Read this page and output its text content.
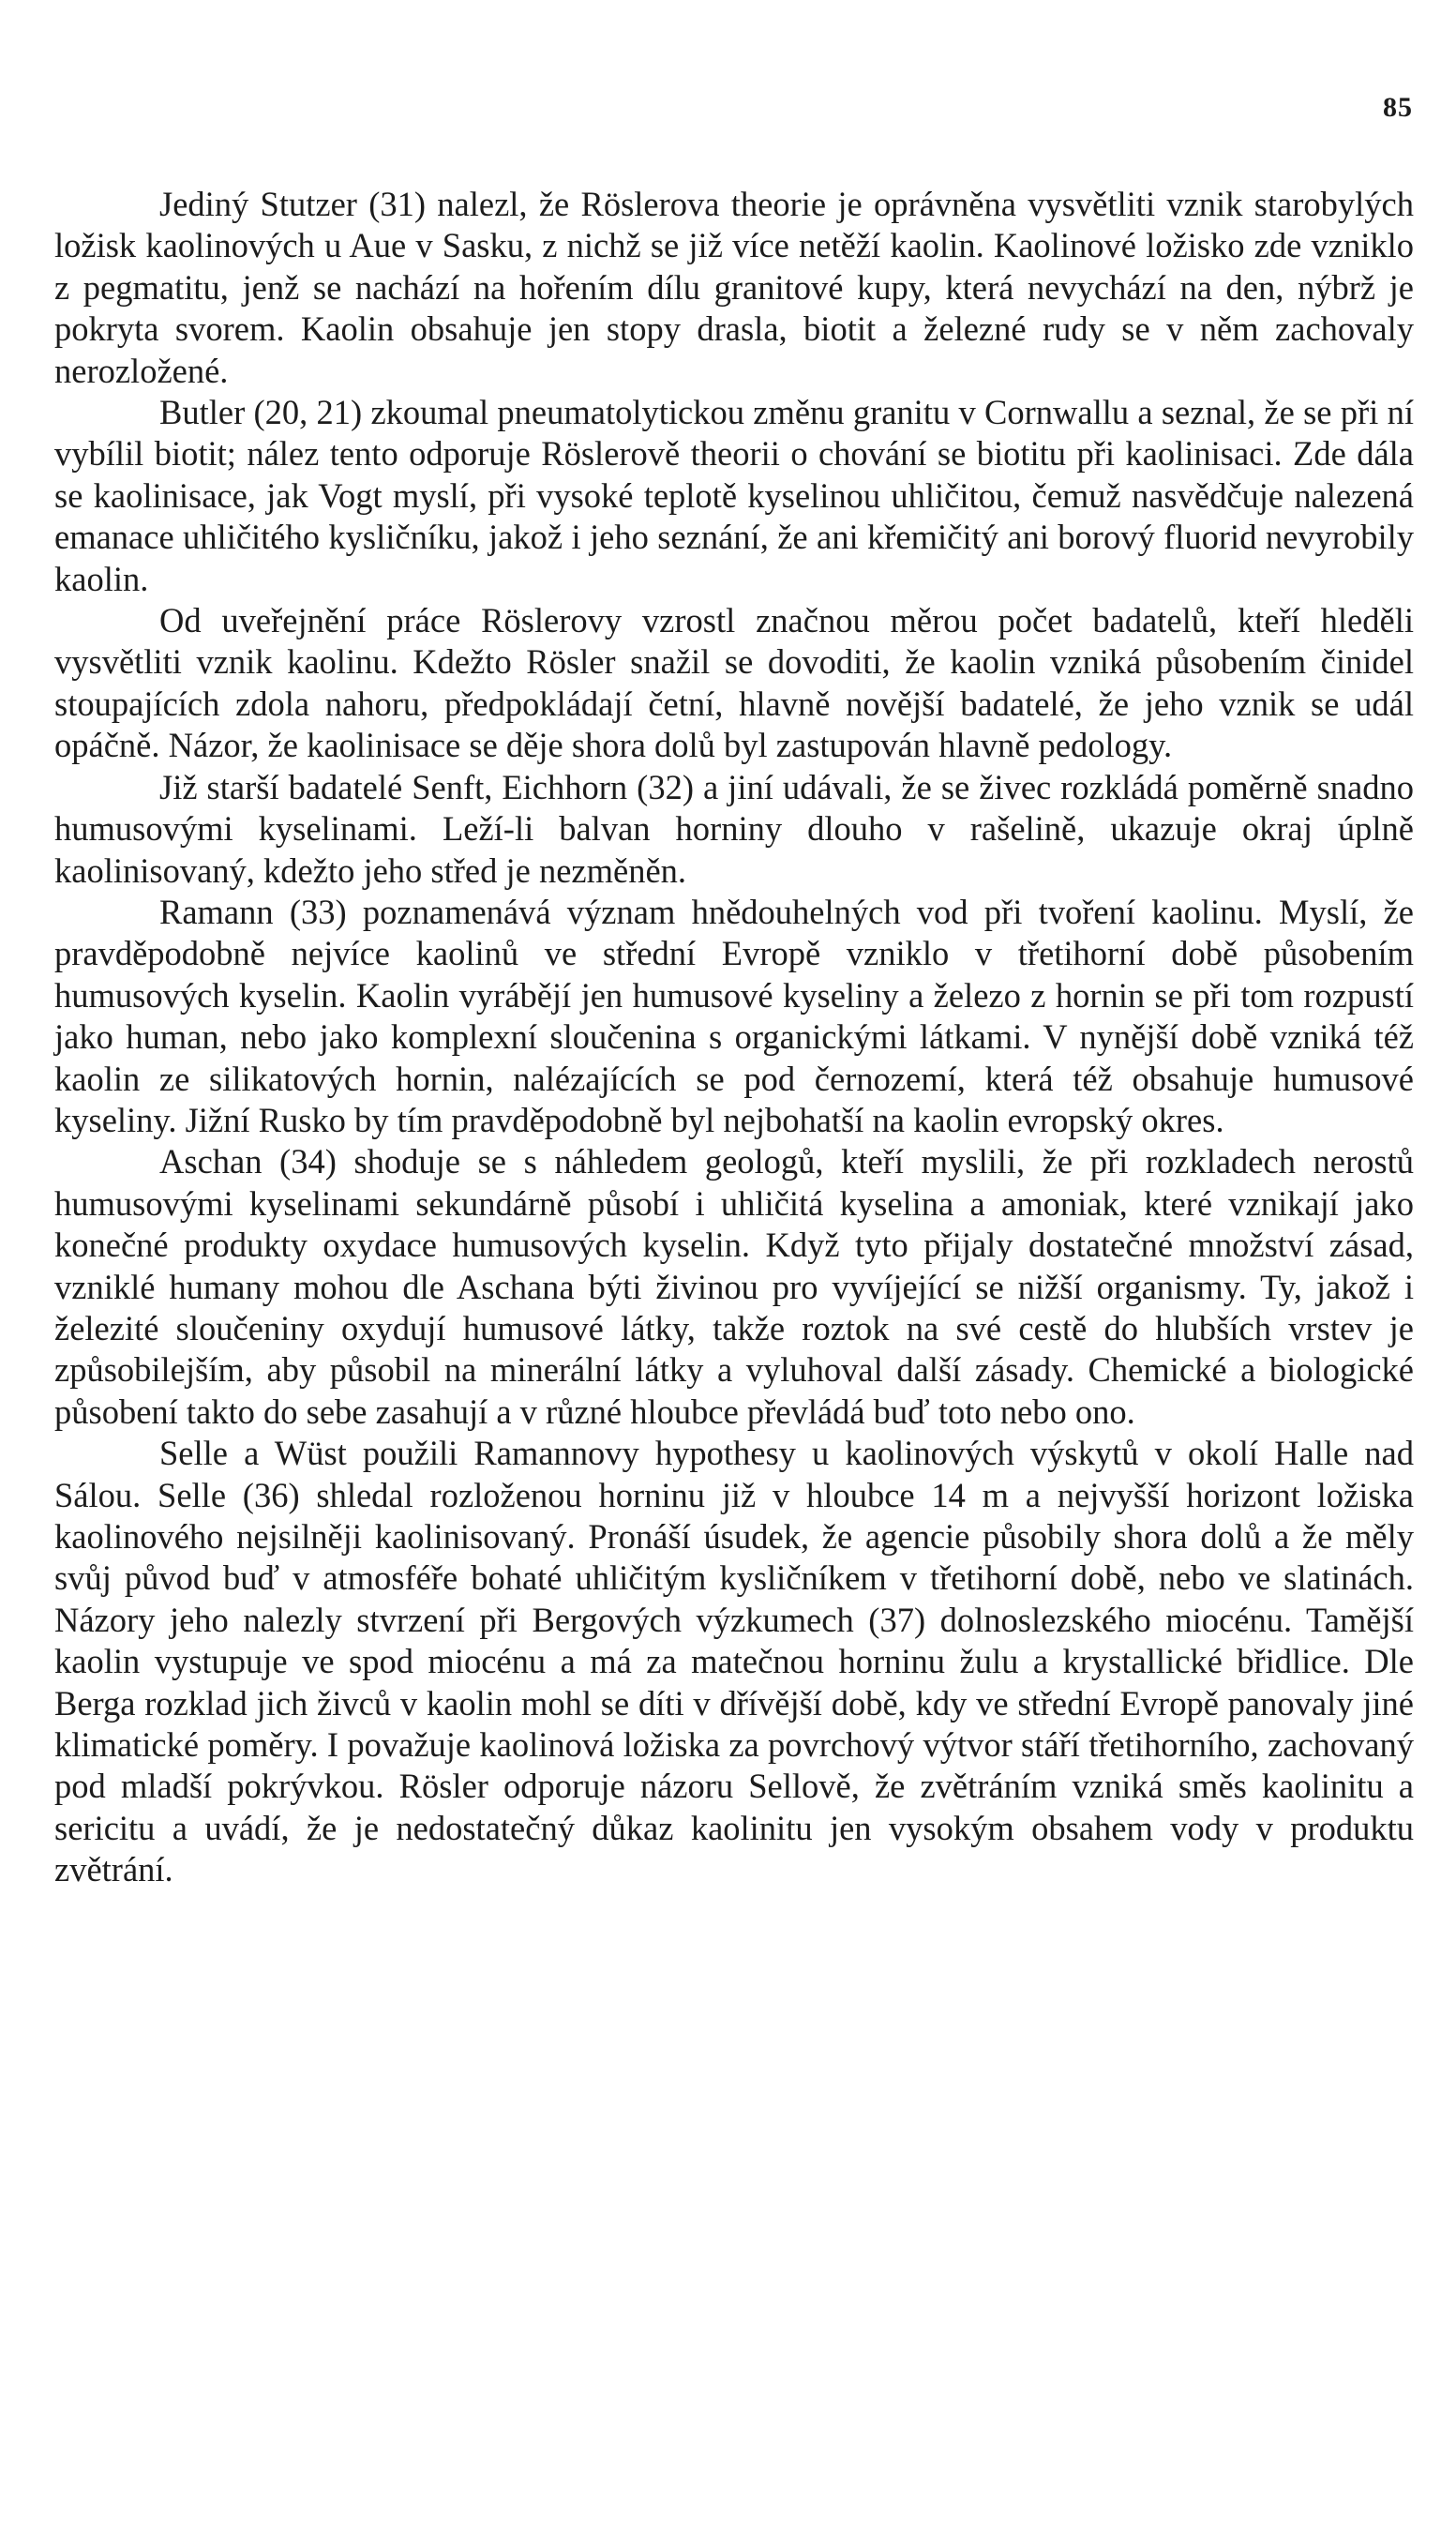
85

Jediný Stutzer (31) nalezl, že Röslerova theorie je oprávněna vysvětliti vznik starobylých ložisk kaolinových u Aue v Sasku, z nichž se již více netěží kaolin. Kaolinové ložisko zde vzniklo z pegmatitu, jenž se nachází na hořením dílu granitové kupy, která nevychází na den, nýbrž je pokryta svorem. Kaolin obsahuje jen stopy drasla, biotit a železné rudy se v něm zachovaly nerozložené.

Butler (20, 21) zkoumal pneumatolytickou změnu granitu v Cornwallu a seznal, že se při ní vybílil biotit; nález tento odporuje Röslerově theorii o chování se biotitu při kaolinisaci. Zde dála se kaolinisace, jak Vogt myslí, při vysoké teplotě kyselinou uhličitou, čemuž nasvědčuje nalezená emanace uhličitého kysličníku, jakož i jeho seznání, že ani křemičitý ani borový fluorid nevyrobily kaolin.

Od uveřejnění práce Röslerovy vzrostl značnou měrou počet badatelů, kteří hleděli vysvětliti vznik kaolinu. Kdežto Rösler snažil se dovoditi, že kaolin vzniká působením činidel stoupajících zdola nahoru, předpokládají četní, hlavně novější badatelé, že jeho vznik se udál opáčně. Názor, že kaolinisace se děje shora dolů byl zastupován hlavně pedology.

Již starší badatelé Senft, Eichhorn (32) a jiní udávali, že se živec rozkládá poměrně snadno humusovými kyselinami. Leží-li balvan horniny dlouho v rašelině, ukazuje okraj úplně kaolinisovaný, kdežto jeho střed je nezměněn.

Ramann (33) poznamenává význam hnědouhelných vod při tvoření kaolinu. Myslí, že pravděpodobně nejvíce kaolinů ve střední Evropě vzniklo v třetihorní době působením humusových kyselin. Kaolin vyrábějí jen humusové kyseliny a železo z hornin se při tom rozpustí jako human, nebo jako komplexní sloučenina s organickými látkami. V nynější době vzniká též kaolin ze silikatových hornin, nalézajících se pod černozemí, která též obsahuje humusové kyseliny. Jižní Rusko by tím pravděpodobně byl nejbohatší na kaolin evropský okres.

Aschan (34) shoduje se s náhledem geologů, kteří myslili, že při rozkladech nerostů humusovými kyselinami sekundárně působí i uhličitá kyselina a amoniak, které vznikají jako konečné produkty oxydace humusových kyselin. Když tyto přijaly dostatečné množství zásad, vzniklé humany mohou dle Aschana býti živinou pro vyvíjející se nižší organismy. Ty, jakož i železité sloučeniny oxydují humusové látky, takže roztok na své cestě do hlubších vrstev je způsobilejším, aby působil na minerální látky a vyluhoval další zásady. Chemické a biologické působení takto do sebe zasahují a v různé hloubce převládá buď toto nebo ono.

Selle a Wüst použili Ramannovy hypothesy u kaolinových výskytů v okolí Halle nad Sálou. Selle (36) shledal rozloženou horninu již v hloubce 14 m a nejvyšší horizont ložiska kaolinového nejsilněji kaolinisovaný. Pronáší úsudek, že agencie působily shora dolů a že měly svůj původ buď v atmosféře bohaté uhličitým kysličníkem v třetihorní době, nebo ve slatinách. Názory jeho nalezly stvrzení při Bergových výzkumech (37) dolnoslezského miocénu. Tamější kaolin vystupuje ve spod miocénu a má za matečnou horninu žulu a krystallické břidlice. Dle Berga rozklad jich živců v kaolin mohl se díti v dřívější době, kdy ve střední Evropě panovaly jiné klimatické poměry. I považuje kaolinová ložiska za povrchový výtvor stáří třetihorního, zachovaný pod mladší pokrývkou. Rösler odporuje názoru Sellově, že zvětráním vzniká směs kaolinitu a sericitu a uvádí, že je nedostatečný důkaz kaolinitu jen vysokým obsahem vody v produktu zvětrání.
